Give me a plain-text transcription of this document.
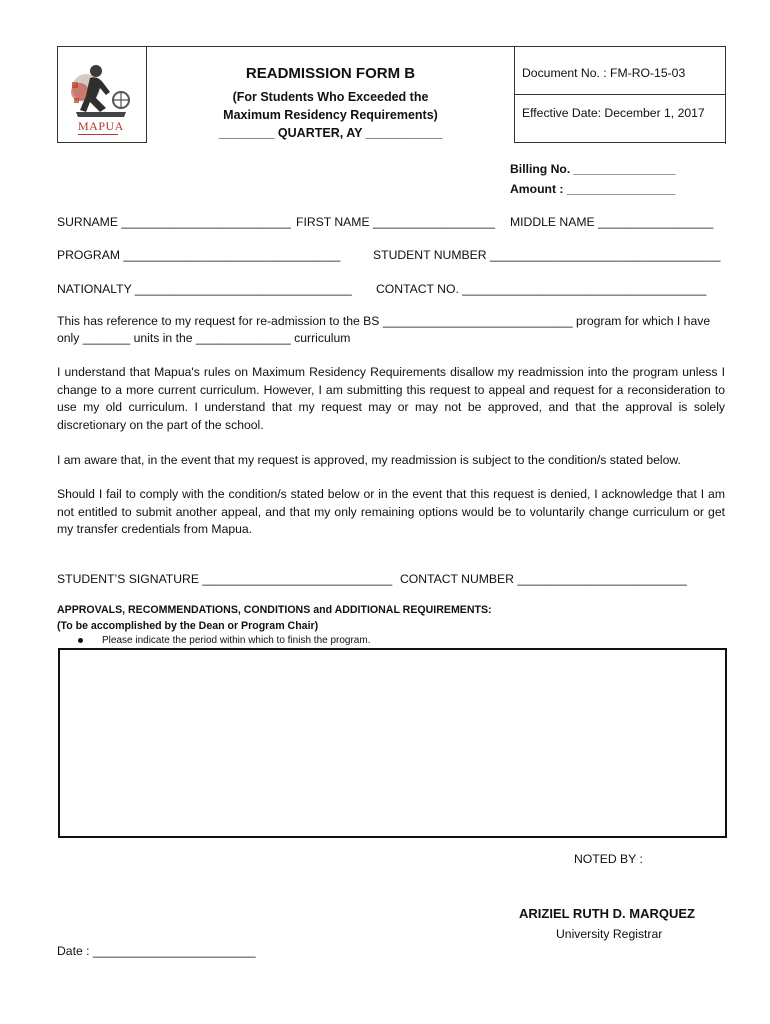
MAPUA
READMISSION FORM B
(For Students Who Exceeded the
Maximum Residency Requirements)
________ QUARTER, AY ___________
Document No. : FM-RO-15-03
Effective Date: December 1, 2017
Billing No. _______________
Amount : ________________
SURNAME _________________________ FIRST NAME __________________ MIDDLE NAME _________________
PROGRAM ________________________________	STUDENT NUMBER __________________________________
NATIONALTY ________________________________ CONTACT NO. ____________________________________
This has reference to my request for re-admission to the BS ____________________________ program for which I have
only _______ units in the ______________ curriculum
I understand that Mapua's rules on Maximum Residency Requirements disallow my readmission into the program unless I change to a more current curriculum. However, I am submitting this request to appeal and request for a reconsideration to use my old curriculum. I understand that my request may or may not be approved, and that the approval is solely discretionary on the part of the school.
I am aware that, in the event that my request is approved, my readmission is subject to the condition/s stated below.
Should I fail to comply with the condition/s stated below or in the event that this request is denied, I acknowledge that I am not entitled to submit another appeal, and that my only remaining options would be to voluntarily change curriculum or get my transfer credentials from Mapua.
STUDENT’S SIGNATURE ____________________________ CONTACT NUMBER _________________________
APPROVALS, RECOMMENDATIONS, CONDITIONS and ADDITIONAL REQUIREMENTS:
(To be accomplished by the Dean or Program Chair)
Please indicate the period within which to finish the program.
NOTED BY :
ARIZIEL RUTH D. MARQUEZ
University Registrar
Date : ________________________
